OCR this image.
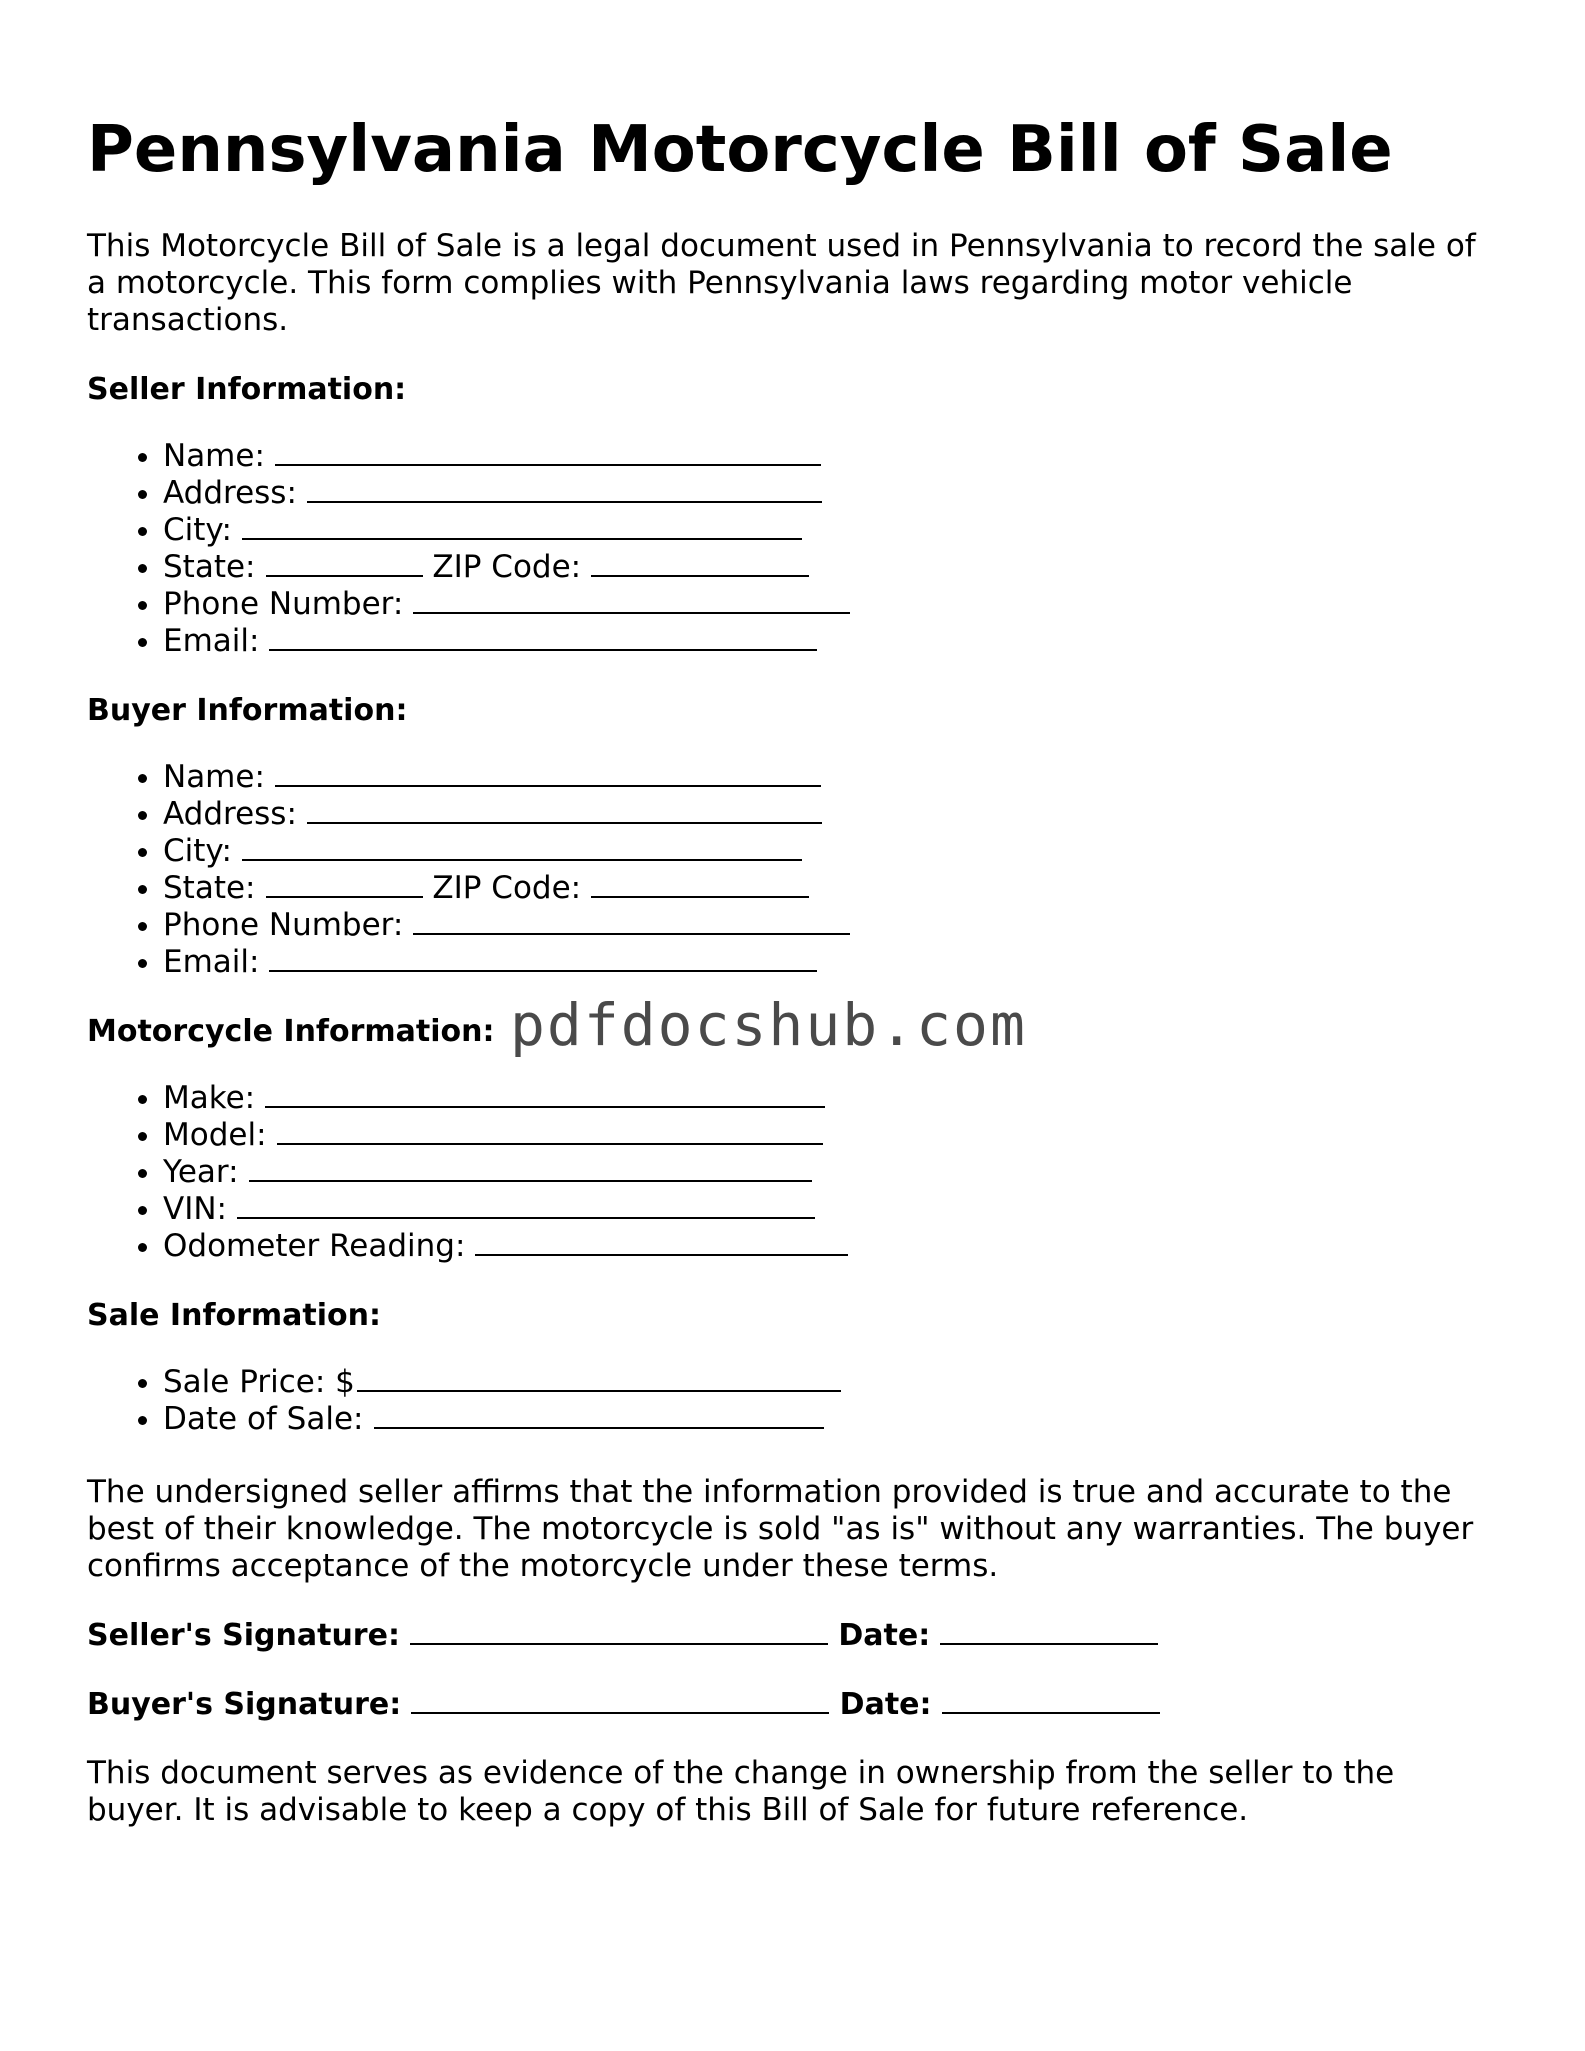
Pennsylvania Motorcycle Bill of Sale

This Motorcycle Bill of Sale is a legal document used in Pennsylvania to record the sale of a motorcycle. This form complies with Pennsylvania laws regarding motor vehicle transactions.

Seller Information:
• Name:
• Address:
• City:
• State:	ZIP Code:
• Phone Number:
• Email:
Buyer Information:
• Name:
• Address:
• City:
• State:	ZIP Code:
• Phone Number:
• Email:
Motorcycle Information:
• Make:
• Model:
• Year:
• VIN:
• Odometer Reading:
Sale Information:
• Sale Price: $
• Date of Sale:

The undersigned seller affirms that the information provided is true and accurate to the best of their knowledge. The motorcycle is sold "as is" without any warranties. The buyer confirms acceptance of the motorcycle under these terms.

Seller's Signature:	Date:
Buyer's Signature:	Date:

This document serves as evidence of the change in ownership from the seller to the buyer. It is advisable to keep a copy of this Bill of Sale for future reference.

pdfdocshub.com
